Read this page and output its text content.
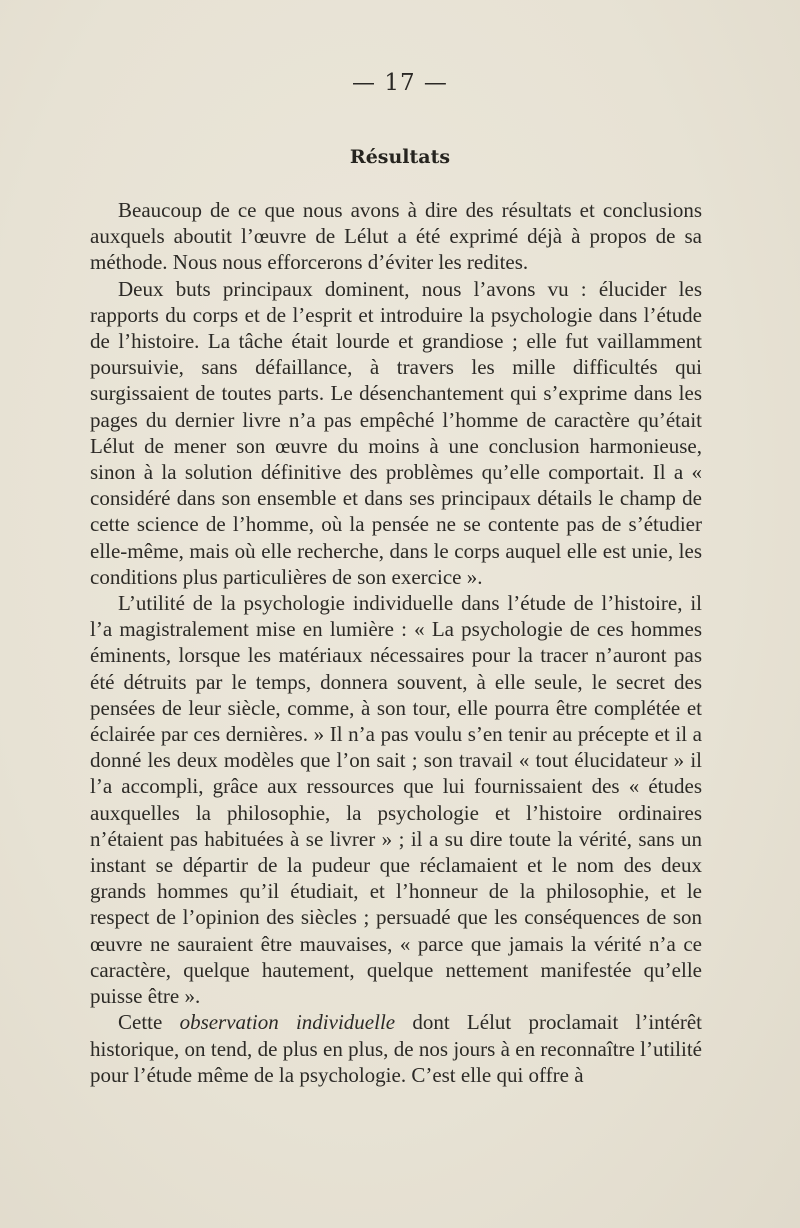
— 17 —
Résultats

Beaucoup de ce que nous avons à dire des résultats et conclusions auxquels aboutit l’œuvre de Lélut a été exprimé déjà à propos de sa méthode. Nous nous efforcerons d’éviter les redites.

Deux buts principaux dominent, nous l’avons vu : élucider les rapports du corps et de l’esprit et introduire la psychologie dans l’étude de l’histoire. La tâche était lourde et grandiose ; elle fut vaillamment poursuivie, sans défaillance, à travers les mille difficultés qui surgissaient de toutes parts. Le désenchantement qui s’exprime dans les pages du dernier livre n’a pas empêché l’homme de caractère qu’était Lélut de mener son œuvre du moins à une conclusion harmonieuse, sinon à la solution définitive des problèmes qu’elle comportait. Il a « considéré dans son ensemble et dans ses principaux détails le champ de cette science de l’homme, où la pensée ne se contente pas de s’étudier elle-même, mais où elle recherche, dans le corps auquel elle est unie, les conditions plus particulières de son exercice ».

L’utilité de la psychologie individuelle dans l’étude de l’histoire, il l’a magistralement mise en lumière : « La psychologie de ces hommes éminents, lorsque les matériaux nécessaires pour la tracer n’auront pas été détruits par le temps, donnera souvent, à elle seule, le secret des pensées de leur siècle, comme, à son tour, elle pourra être complétée et éclairée par ces dernières. » Il n’a pas voulu s’en tenir au précepte et il a donné les deux modèles que l’on sait ; son travail « tout élucidateur » il l’a accompli, grâce aux ressources que lui fournissaient des « études auxquelles la philosophie, la psychologie et l’histoire ordinaires n’étaient pas habituées à se livrer » ; il a su dire toute la vérité, sans un instant se départir de la pudeur que réclamaient et le nom des deux grands hommes qu’il étudiait, et l’honneur de la philosophie, et le respect de l’opinion des siècles ; persuadé que les conséquences de son œuvre ne sauraient être mauvaises, « parce que jamais la vérité n’a ce caractère, quelque hautement, quelque nettement manifestée qu’elle puisse être ».

Cette observation individuelle dont Lélut proclamait l’intérêt historique, on tend, de plus en plus, de nos jours à en reconnaître l’utilité pour l’étude même de la psychologie. C’est elle qui offre à
